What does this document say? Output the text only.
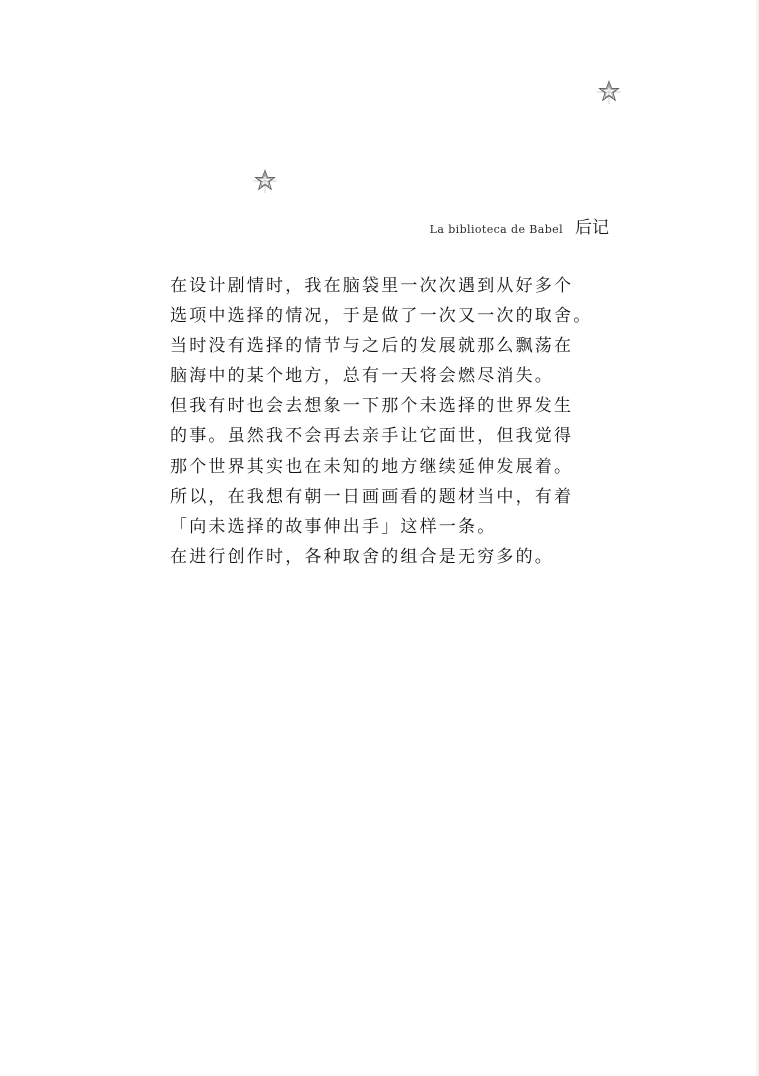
La biblioteca de Babel 后记
在设计剧情时，我在脑袋里一次次遇到从好多个
选项中选择的情况，于是做了一次又一次的取舍。
当时没有选择的情节与之后的发展就那么飘荡在
脑海中的某个地方，总有一天将会燃尽消失。
但我有时也会去想象一下那个未选择的世界发生
的事。虽然我不会再去亲手让它面世，但我觉得
那个世界其实也在未知的地方继续延伸发展着。
所以，在我想有朝一日画画看的题材当中，有着
「向未选择的故事伸出手」这样一条。
在进行创作时，各种取舍的组合是无穷多的。
